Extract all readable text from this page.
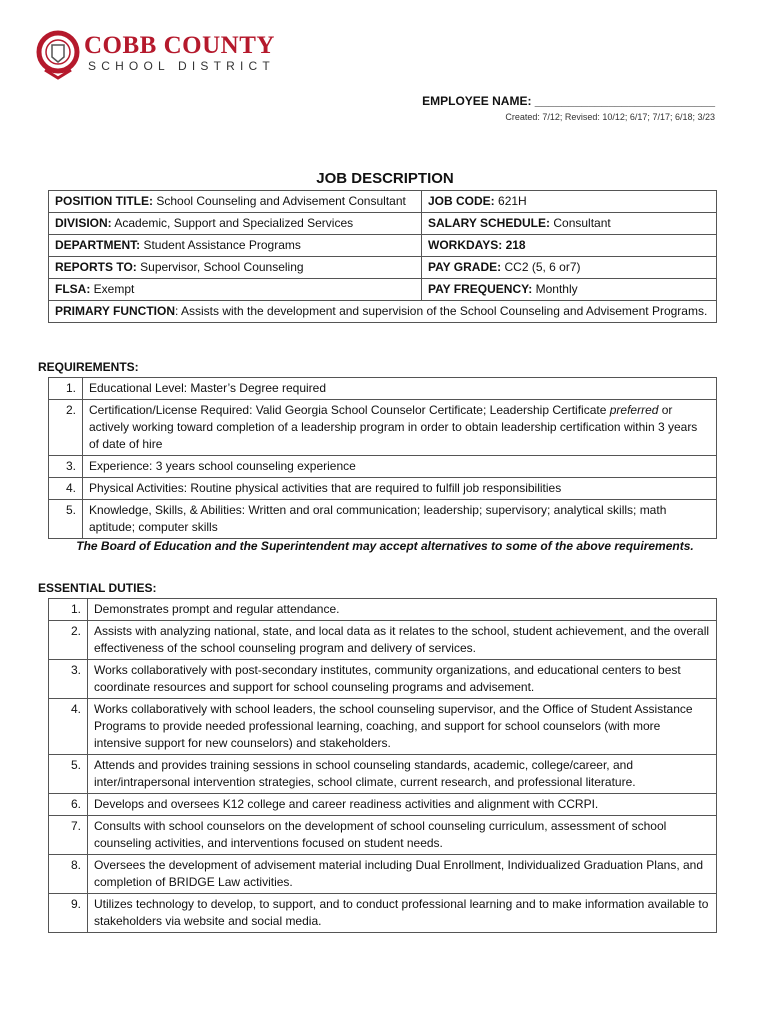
COBB COUNTY
SCHOOL DISTRICT
EMPLOYEE NAME: ___________________________
Created: 7/12; Revised: 10/12; 6/17; 7/17; 6/18; 3/23
JOB DESCRIPTION
POSITION TITLE: School Counseling and Advisement Consultant	JOB CODE: 621H
DIVISION: Academic, Support and Specialized Services	SALARY SCHEDULE: Consultant
DEPARTMENT: Student Assistance Programs	WORKDAYS: 218
REPORTS TO: Supervisor, School Counseling	PAY GRADE: CC2 (5, 6 or7)
FLSA: Exempt	PAY FREQUENCY: Monthly
PRIMARY FUNCTION: Assists with the development and supervision of the School Counseling and Advisement Programs.	
REQUIREMENTS:
1.	Educational Level: Master’s Degree required
2.	Certification/License Required: Valid Georgia School Counselor Certificate; Leadership Certificate preferred or actively working toward completion of a leadership program in order to obtain leadership certification within 3 years of date of hire
3.	Experience: 3 years school counseling experience
4.	Physical Activities: Routine physical activities that are required to fulfill job responsibilities
5.	Knowledge, Skills, & Abilities: Written and oral communication; leadership; supervisory; analytical skills; math aptitude; computer skills
The Board of Education and the Superintendent may accept alternatives to some of the above requirements.
ESSENTIAL DUTIES:
1.	Demonstrates prompt and regular attendance.
2.	Assists with analyzing national, state, and local data as it relates to the school, student achievement, and the overall effectiveness of the school counseling program and delivery of services.
3.	Works collaboratively with post-secondary institutes, community organizations, and educational centers to best coordinate resources and support for school counseling programs and advisement.
4.	Works collaboratively with school leaders, the school counseling supervisor, and the Office of Student Assistance Programs to provide needed professional learning, coaching, and support for school counselors (with more intensive support for new counselors) and stakeholders.
5.	Attends and provides training sessions in school counseling standards, academic, college/career, and inter/intrapersonal intervention strategies, school climate, current research, and professional literature.
6.	Develops and oversees K12 college and career readiness activities and alignment with CCRPI.
7.	Consults with school counselors on the development of school counseling curriculum, assessment of school counseling activities, and interventions focused on student needs.
8.	Oversees the development of advisement material including Dual Enrollment, Individualized Graduation Plans, and completion of BRIDGE Law activities.
9.	Utilizes technology to develop, to support, and to conduct professional learning and to make information available to stakeholders via website and social media.
